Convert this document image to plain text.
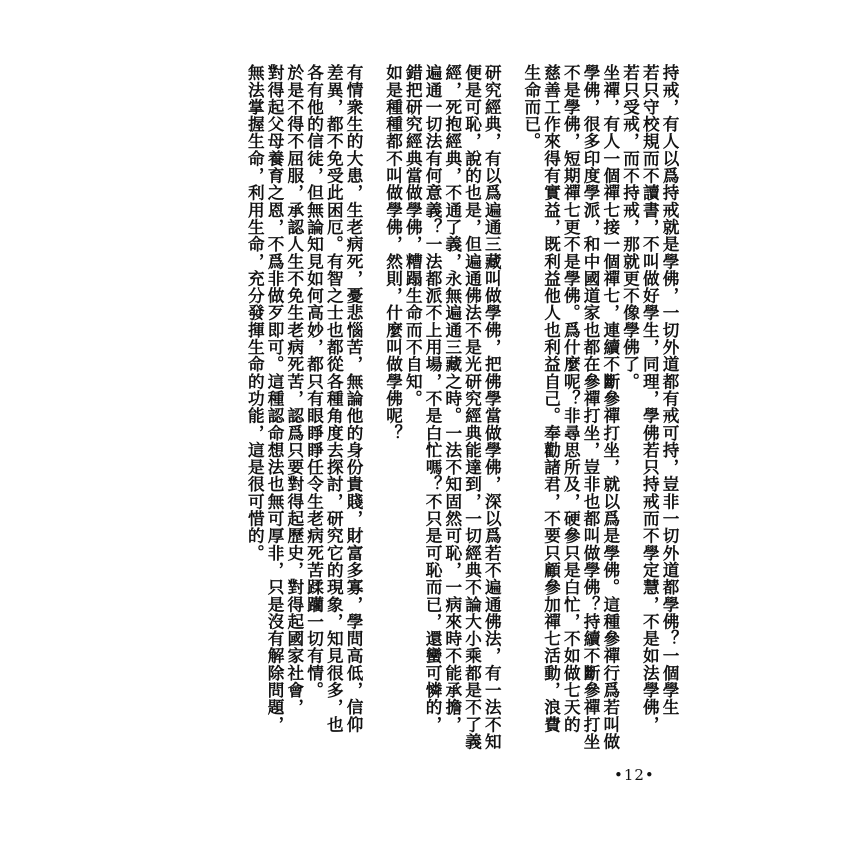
持戒，有人以爲持戒就是學佛，一切外道都有戒可持，豈非一切外道都學佛？一個學生
若只守校規而不讀書，不叫做好學生，同理，學佛若只持戒而不學定慧，不是如法學佛，
若只受戒，而不持戒，那就更不像學佛了。
坐禪，有人一個禪七接一個禪七，連續不斷參禪打坐，就以爲是學佛。這種參禪行爲若叫做
學佛，很多印度學派，和中國道家也都在參禪打坐，豈非也都叫做學佛？持續不斷參禪打坐
不是學佛，短期禪七更不是學佛。爲什麼呢？非尋思所及，硬參只是白忙，不如做七天的
慈善工作來得有實益，既利益他人也利益自己。奉勸諸君，不要只顧參加禪七活動，浪費
生命而已。
研究經典，有以爲遍通三藏叫做學佛，把佛學當做學佛，深以爲若不遍通佛法，有一法不知
便是可恥，說的也是，但遍通佛法不是光研究經典能達到，一切經典不論大小乘都是不了義
經，死抱經典，不通了義，永無遍通三藏之時。一法不知固然可恥，一病來時不能承擔，
遍通一切法有何意義？一法都派不上用場，不是白忙嗎？不只是可恥而已，還蠻可憐的，
錯把研究經典當做學佛，糟蹋生命而不自知。
如是種種都不叫做學佛，然則，什麼叫做學佛呢？
有情衆生的大患，生老病死，憂悲惱苦，無論他的身份貴賤，財富多寡，學問高低，信仰
差異，都不免受此困厄。有智之士也都從各種角度去探討，研究它的現象，知見很多，也
各有他的信徒，但無論知見如何高妙，都只有眼睜睜任令生老病死苦蹂躪一切有情。
於是不得不屈服，承認人生不免生老病死苦，認爲只要對得起歷史，對得起國家社會，
對得起父母養育之恩，不爲非做歹即可。這種認命想法也無可厚非，只是沒有解除問題，
無法掌握生命，利用生命，充分發揮生命的功能，這是很可惜的。
•12•
